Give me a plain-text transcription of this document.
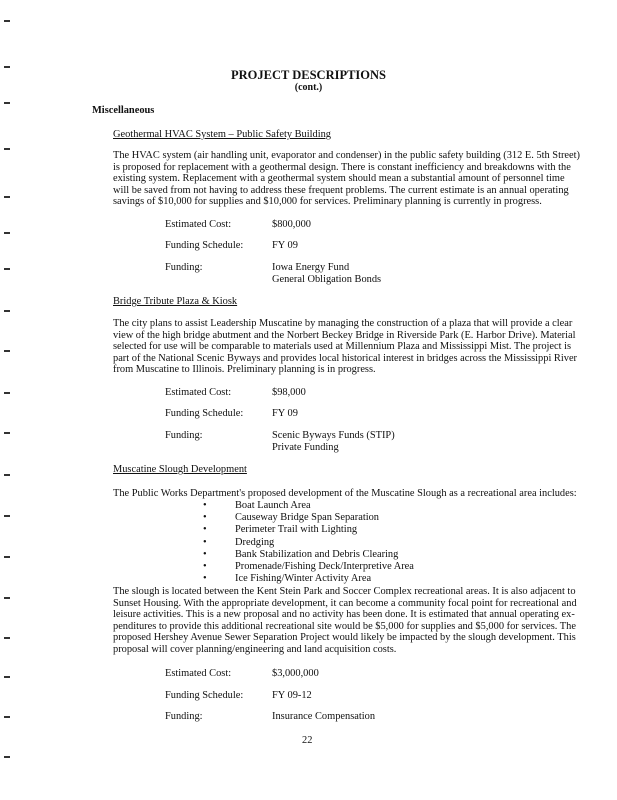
PROJECT DESCRIPTIONS
(cont.)
Miscellaneous
Geothermal HVAC System – Public Safety Building
The HVAC system (air handling unit, evaporator and condenser) in the public safety building (312 E. 5th Street)
is proposed for replacement with a geothermal design. There is constant inefficiency and breakdowns with the
existing system. Replacement with a geothermal system should mean a substantial amount of personnel time
will be saved from not having to address these frequent problems. The current estimate is an annual operating
savings of $10,000 for supplies and $10,000 for services. Preliminary planning is currently in progress.
Estimated Cost:	$800,000
Funding Schedule:	FY 09
Funding:	Iowa Energy Fund
General Obligation Bonds
Bridge Tribute Plaza & Kiosk
The city plans to assist Leadership Muscatine by managing the construction of a plaza that will provide a clear
view of the high bridge abutment and the Norbert Beckey Bridge in Riverside Park (E. Harbor Drive). Material
selected for use will be comparable to materials used at Millennium Plaza and Mississippi Mist. The project is
part of the National Scenic Byways and provides local historical interest in bridges across the Mississippi River
from Muscatine to Illinois. Preliminary planning is in progress.
Estimated Cost:	$98,000
Funding Schedule:	FY 09
Funding:	Scenic Byways Funds (STIP)
Private Funding
Muscatine Slough Development
The Public Works Department's proposed development of the Muscatine Slough as a recreational area includes:
•	Boat Launch Area
•	Causeway Bridge Span Separation
•	Perimeter Trail with Lighting
•	Dredging
•	Bank Stabilization and Debris Clearing
•	Promenade/Fishing Deck/Interpretive Area
•	Ice Fishing/Winter Activity Area
The slough is located between the Kent Stein Park and Soccer Complex recreational areas. It is also adjacent to
Sunset Housing. With the appropriate development, it can become a community focal point for recreational and
leisure activities. This is a new proposal and no activity has been done. It is estimated that annual operating ex-
penditures to provide this additional recreational site would be $5,000 for supplies and $5,000 for services. The
proposed Hershey Avenue Sewer Separation Project would likely be impacted by the slough development. This
proposal will cover planning/engineering and land acquisition costs.
Estimated Cost:	$3,000,000
Funding Schedule:	FY 09-12
Funding:	Insurance Compensation
22
